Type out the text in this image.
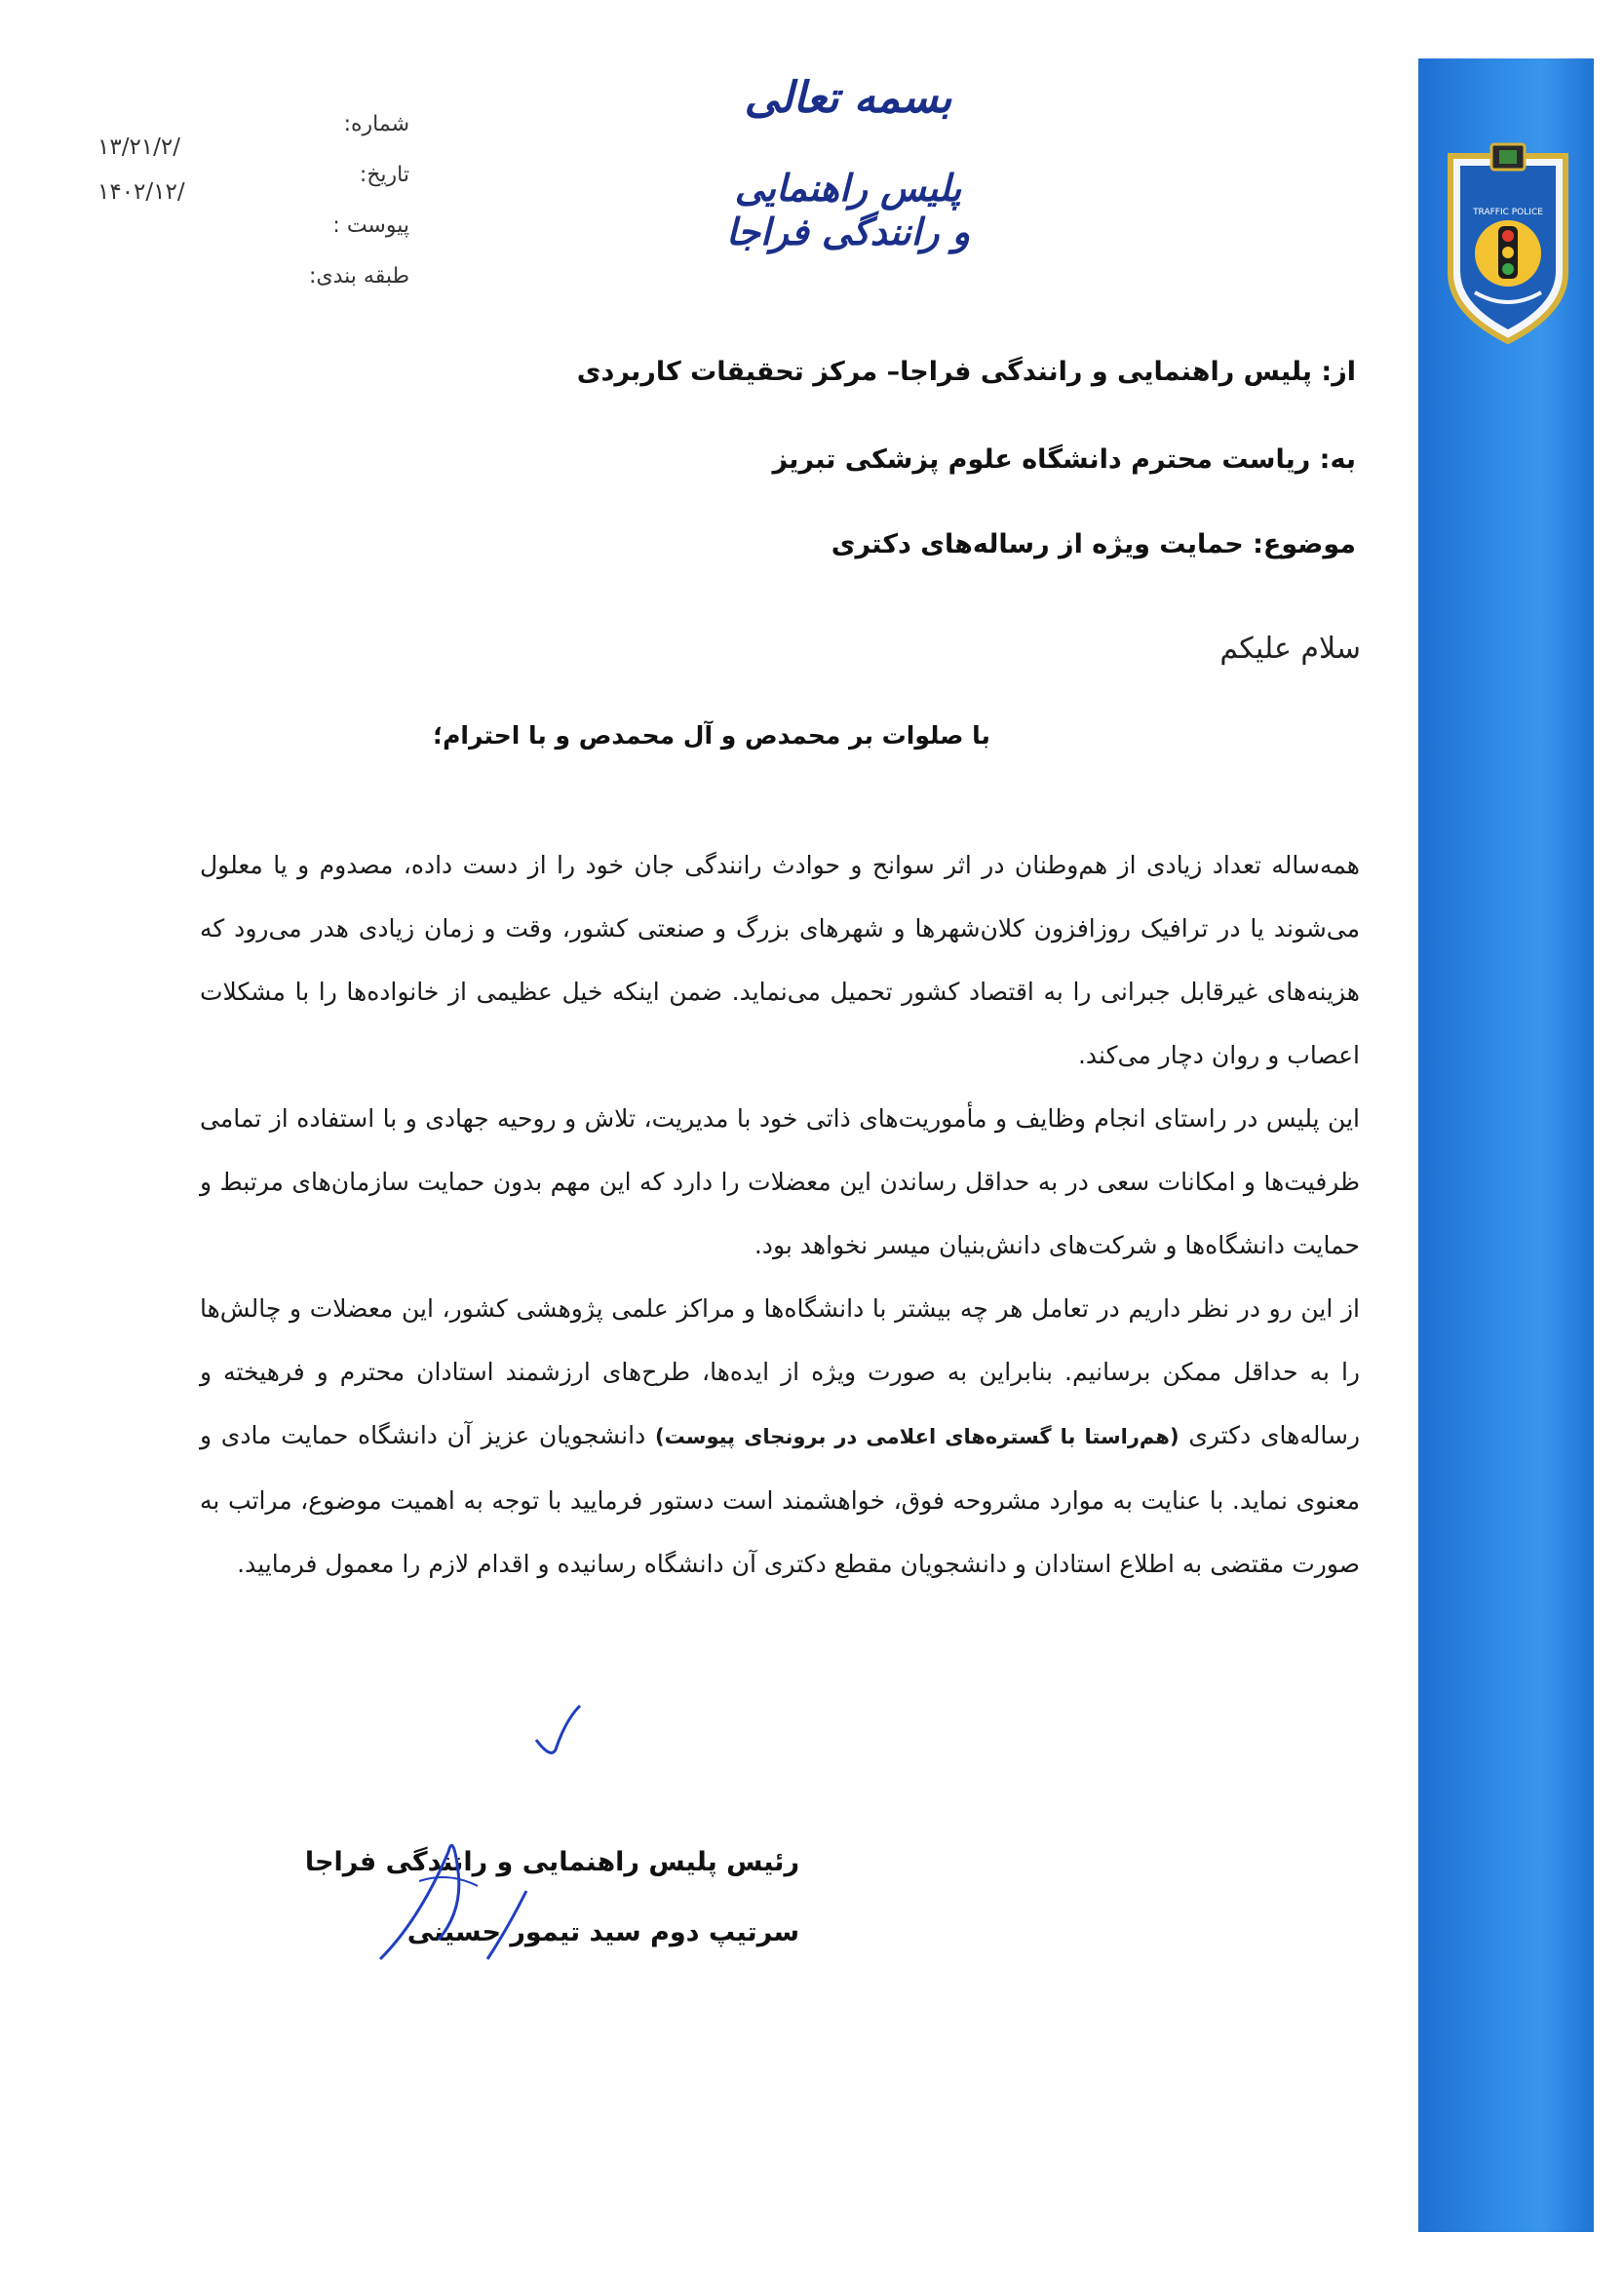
TRAFFIC POLICE
بسمه تعالی
پلیس راهنمایی و رانندگی فراجا
شماره:
تاریخ:
پیوست :
طبقه بندی:
۱۳/۲۱/۲/
۱۴۰۲/۱۲/
از: پلیس راهنمایی و رانندگی فراجا– مرکز تحقیقات کاربردی
به: ریاست محترم دانشگاه علوم پزشکی تبریز
موضوع: حمایت ویژه از رساله‌های دکتری
سلام علیکم
با صلوات بر محمدص و آل محمدص و با احترام؛

همه‌ساله تعداد زیادی از هم‌وطنان در اثر سوانح و حوادث رانندگی جان خود را از دست داده، مصدوم و یا معلول می‌شوند یا در ترافیک روزافزون کلان‌شهرها و شهرهای بزرگ و صنعتی کشور، وقت و زمان زیادی هدر می‌رود که هزینه‌های غیرقابل جبرانی را به اقتصاد کشور تحمیل می‌نماید. ضمن اینکه خیل عظیمی از خانواده‌ها را با مشکلات اعصاب و روان دچار می‌کند.

این پلیس در راستای انجام وظایف و مأموریت‌های ذاتی خود با مدیریت، تلاش و روحیه جهادی و با استفاده از تمامی ظرفیت‌ها و امکانات سعی در به حداقل رساندن این معضلات را دارد که این مهم بدون حمایت سازمان‌های مرتبط و حمایت دانشگاه‌ها و شرکت‌های دانش‌بنیان میسر نخواهد بود.

از این رو در نظر داریم در تعامل هر چه بیشتر با دانشگاه‌ها و مراکز علمی پژوهشی کشور، این معضلات و چالش‌ها را به حداقل ممکن برسانیم. بنابراین به صورت ویژه از ایده‌ها، طرح‌های ارزشمند استادان محترم و فرهیخته و رساله‌های دکتری (هم‌راستا با گستره‌های اعلامی در برونجای پیوست) دانشجویان عزیز آن دانشگاه حمایت مادی و معنوی نماید. با عنایت به موارد مشروحه فوق، خواهشمند است دستور فرمایید با توجه به اهمیت موضوع، مراتب به صورت مقتضی به اطلاع استادان و دانشجویان مقطع دکتری آن دانشگاه رسانیده و اقدام لازم را معمول فرمایید.

رئیس پلیس راهنمایی و رانندگی فراجا
سرتیپ دوم سید تیمور حسینی
